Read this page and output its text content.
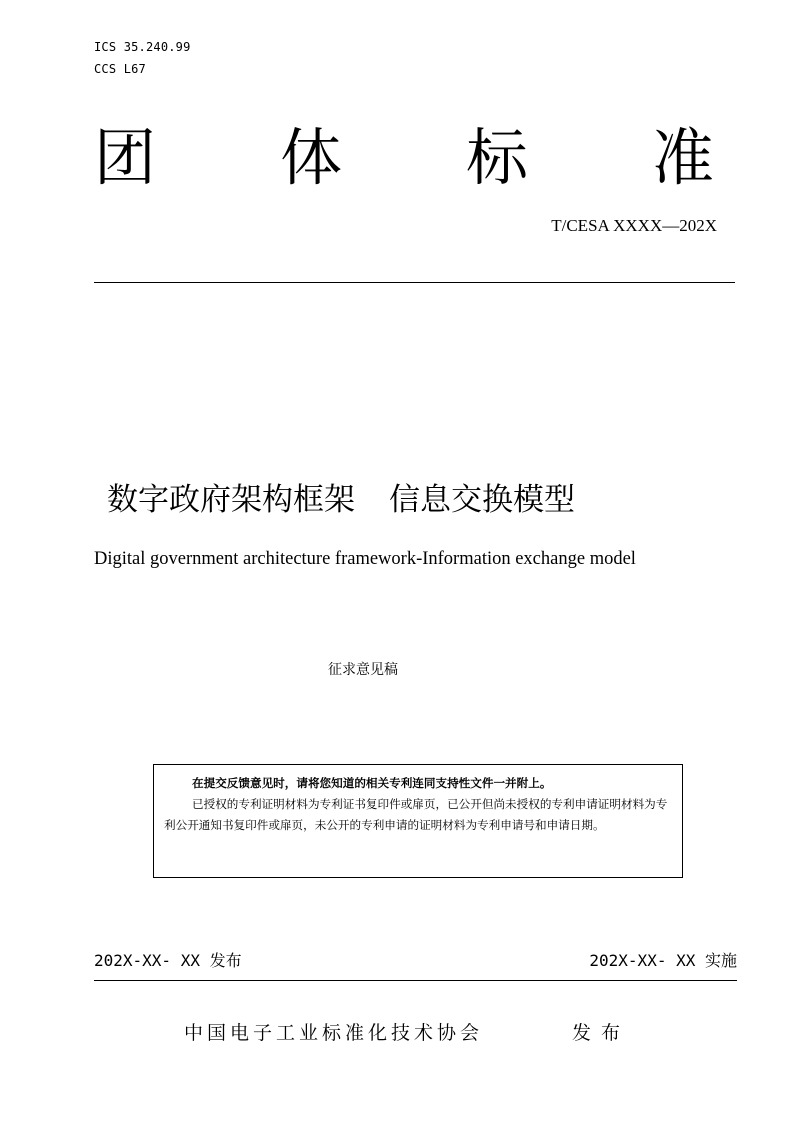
ICS 35.240.99
CCS L67
团 体 标 准
T/CESA XXXX—202X
数字政府架构框架 信息交换模型
Digital government architecture framework-Information exchange model
征求意见稿
在提交反馈意见时，请将您知道的相关专利连同支持性文件一并附上。

已授权的专利证明材料为专利证书复印件或扉页，已公开但尚未授权的专利申请证明材料为专利公开通知书复印件或扉页，未公开的专利申请的证明材料为专利申请号和申请日期。

202X-XX- XX 发布	202X-XX- XX 实施
中国电子工业标准化技术协会	发布
